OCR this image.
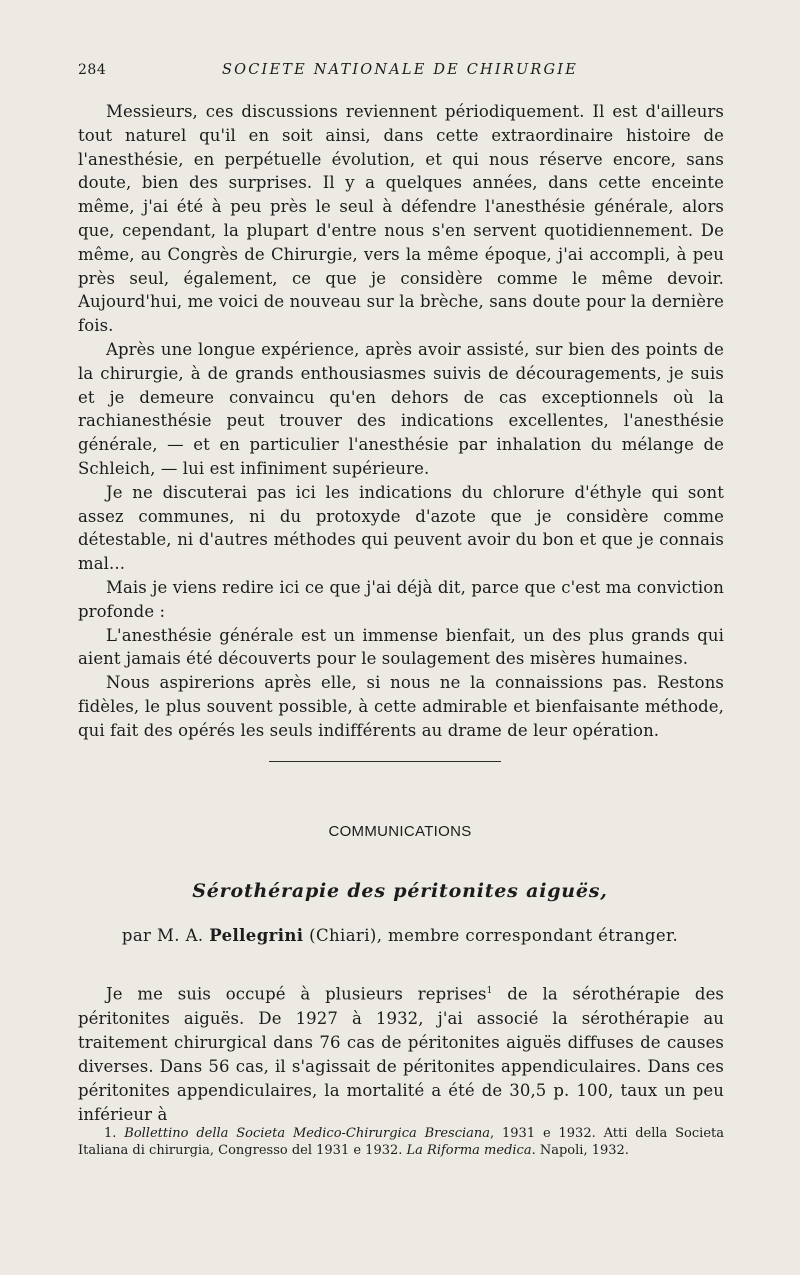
284	SOCIETE NATIONALE DE CHIRURGIE

Messieurs, ces discussions reviennent périodiquement. Il est d'ailleurs tout naturel qu'il en soit ainsi, dans cette extraordinaire histoire de l'anesthésie, en perpétuelle évolution, et qui nous réserve encore, sans doute, bien des surprises. Il y a quelques années, dans cette enceinte même, j'ai été à peu près le seul à défendre l'anesthésie générale, alors que, cependant, la plupart d'entre nous s'en servent quotidiennement. De même, au Congrès de Chirurgie, vers la même époque, j'ai accompli, à peu près seul, également, ce que je considère comme le même devoir. Aujourd'hui, me voici de nouveau sur la brèche, sans doute pour la dernière fois.

Après une longue expérience, après avoir assisté, sur bien des points de la chirurgie, à de grands enthousiasmes suivis de découragements, je suis et je demeure convaincu qu'en dehors de cas exceptionnels où la rachianesthésie peut trouver des indications excellentes, l'anesthésie générale, — et en particulier l'anesthésie par inhalation du mélange de Schleich, — lui est infiniment supérieure.

Je ne discuterai pas ici les indications du chlorure d'éthyle qui sont assez communes, ni du protoxyde d'azote que je considère comme détestable, ni d'autres méthodes qui peuvent avoir du bon et que je connais mal...

Mais je viens redire ici ce que j'ai déjà dit, parce que c'est ma conviction profonde :

L'anesthésie générale est un immense bienfait, un des plus grands qui aient jamais été découverts pour le soulagement des misères humaines.

Nous aspirerions après elle, si nous ne la connaissions pas. Restons fidèles, le plus souvent possible, à cette admirable et bienfaisante méthode, qui fait des opérés les seuls indifférents au drame de leur opération.

COMMUNICATIONS
Sérothérapie des péritonites aiguës,
par M. A. Pellegrini (Chiari), membre correspondant étranger.

Je me suis occupé à plusieurs reprises$^1$ de la sérothérapie des péritonites aiguës. De 1927 à 1932, j'ai associé la sérothérapie au traitement chirurgical dans 76 cas de péritonites aiguës diffuses de causes diverses. Dans 56 cas, il s'agissait de péritonites appendiculaires. Dans ces péritonites appendiculaires, la mortalité a été de 30,5 p. 100, taux un peu inférieur à

1. Bollettino della Societa Medico-Chirurgica Bresciana, 1931 e 1932. Atti della Societa Italiana di chirurgia, Congresso del 1931 e 1932. La Riforma medica. Napoli, 1932.
